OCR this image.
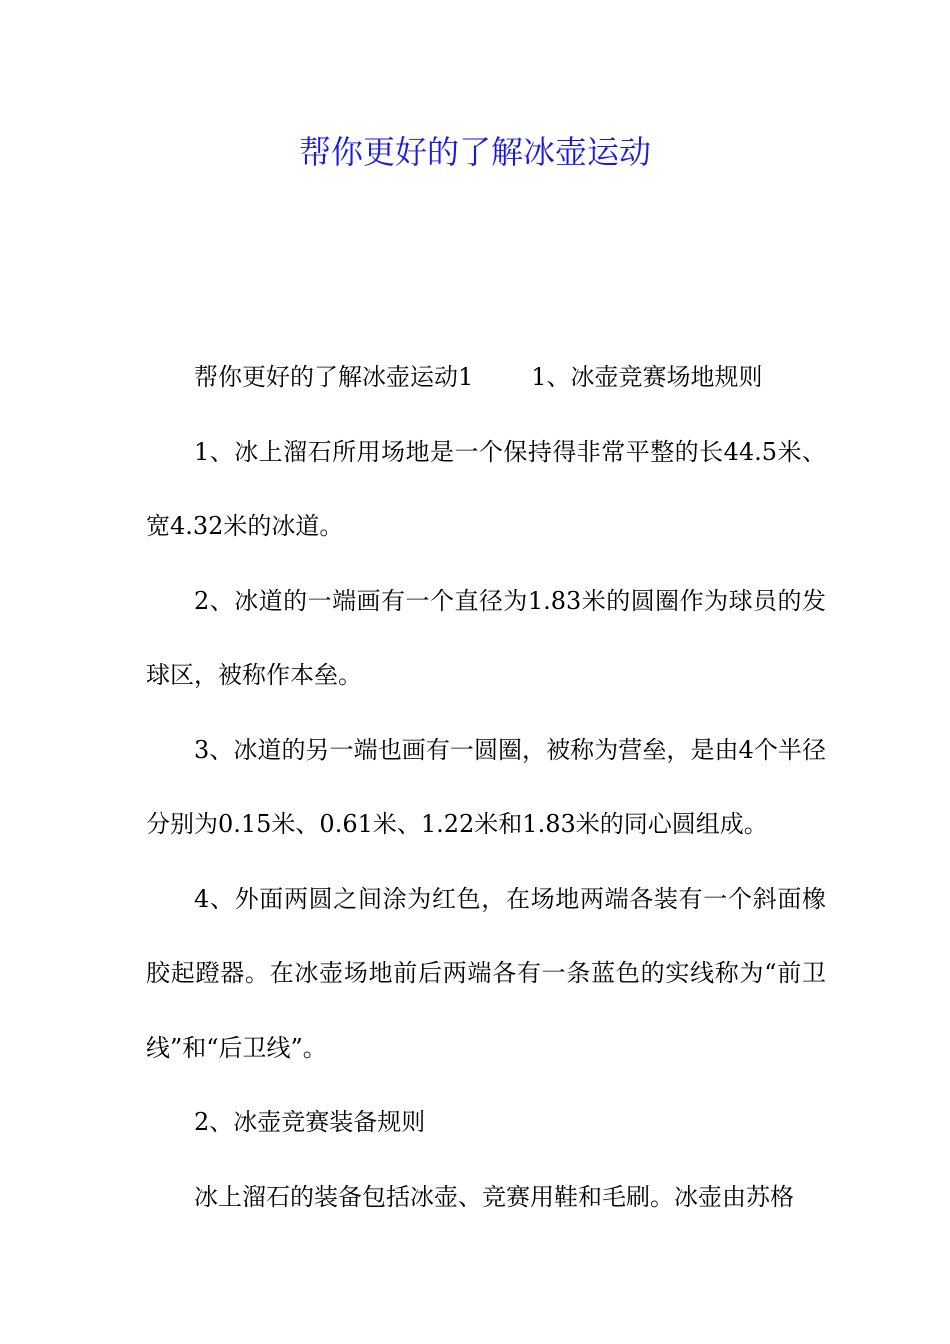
帮你更好的了解冰壶运动

帮你更好的了解冰壶运动1 1、冰壶竞赛场地规则

1、冰上溜石所用场地是一个保持得非常平整的长44.5米、宽4.32米的冰道。

2、冰道的一端画有一个直径为1.83米的圆圈作为球员的发球区，被称作本垒。

3、冰道的另一端也画有一圆圈，被称为营垒，是由4个半径分别为0.15米、0.61米、1.22米和1.83米的同心圆组成。

4、外面两圆之间涂为红色，在场地两端各装有一个斜面橡胶起蹬器。在冰壶场地前后两端各有一条蓝色的实线称为“前卫线”和“后卫线”。

2、冰壶竞赛装备规则

冰上溜石的装备包括冰壶、竞赛用鞋和毛刷。冰壶由苏格
